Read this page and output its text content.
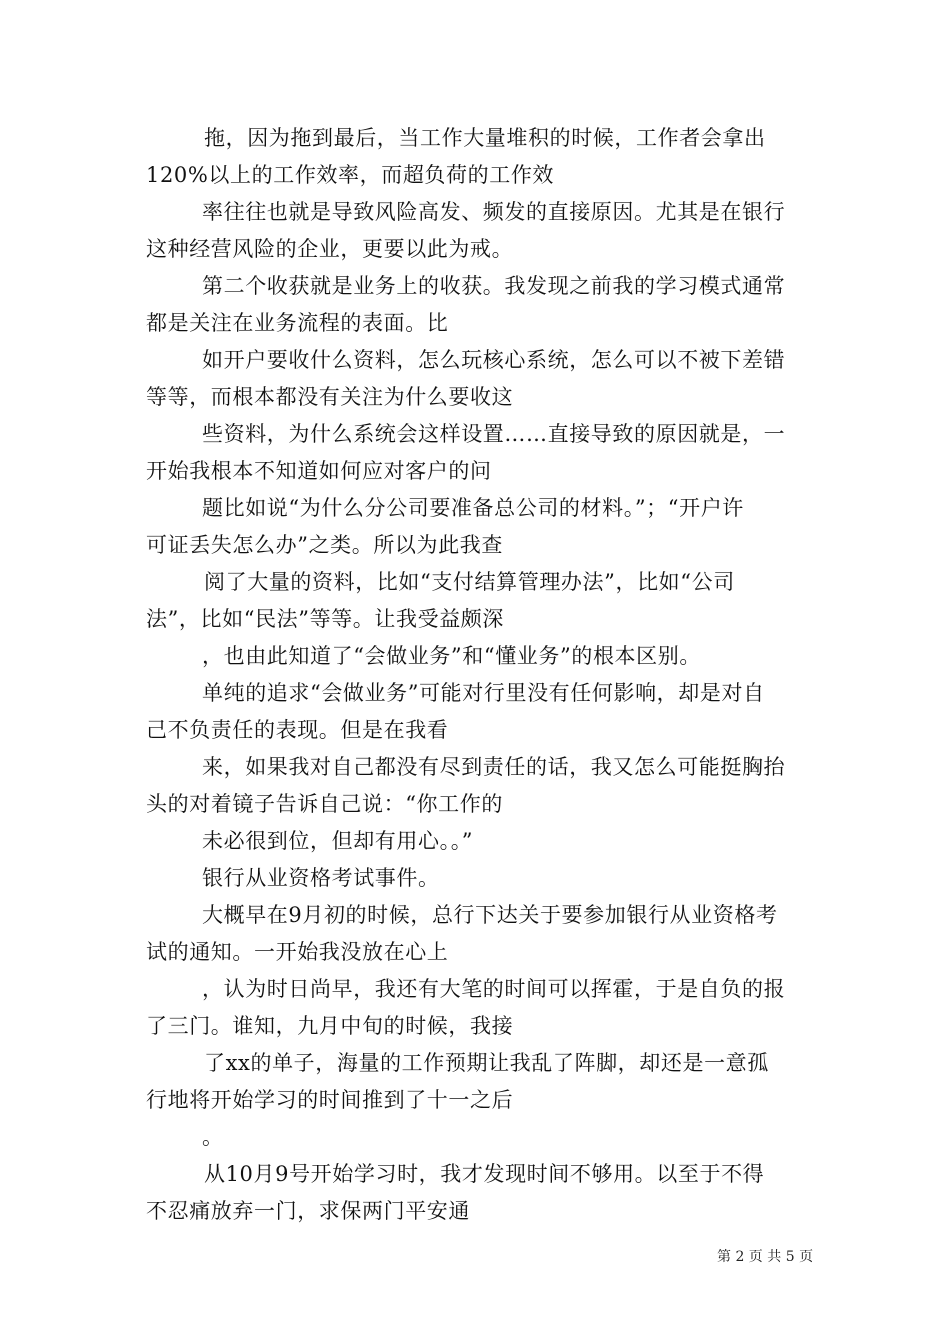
拖，因为拖到最后，当工作大量堆积的时候，工作者会拿出
120%以上的工作效率，而超负荷的工作效
率往往也就是导致风险高发、频发的直接原因。尤其是在银行
这种经营风险的企业，更要以此为戒。
第二个收获就是业务上的收获。我发现之前我的学习模式通常
都是关注在业务流程的表面。比
如开户要收什么资料，怎么玩核心系统，怎么可以不被下差错
等等，而根本都没有关注为什么要收这
些资料，为什么系统会这样设置……直接导致的原因就是，一
开始我根本不知道如何应对客户的问
题比如说“为什么分公司要准备总公司的材料。”；“开户许
可证丢失怎么办”之类。所以为此我查
阅了大量的资料，比如“支付结算管理办法”，比如“公司
法”，比如“民法”等等。让我受益颇深
，也由此知道了“会做业务”和“懂业务”的根本区别。
单纯的追求“会做业务”可能对行里没有任何影响，却是对自
己不负责任的表现。但是在我看
来，如果我对自己都没有尽到责任的话，我又怎么可能挺胸抬
头的对着镜子告诉自己说：“你工作的
未必很到位，但却有用心。。”
银行从业资格考试事件。
大概早在9月初的时候，总行下达关于要参加银行从业资格考
试的通知。一开始我没放在心上
，认为时日尚早，我还有大笔的时间可以挥霍，于是自负的报
了三门。谁知，九月中旬的时候，我接
了xx的单子，海量的工作预期让我乱了阵脚，却还是一意孤
行地将开始学习的时间推到了十一之后
。
从10月9号开始学习时，我才发现时间不够用。以至于不得
不忍痛放弃一门，求保两门平安通
第 2 页 共 5 页
